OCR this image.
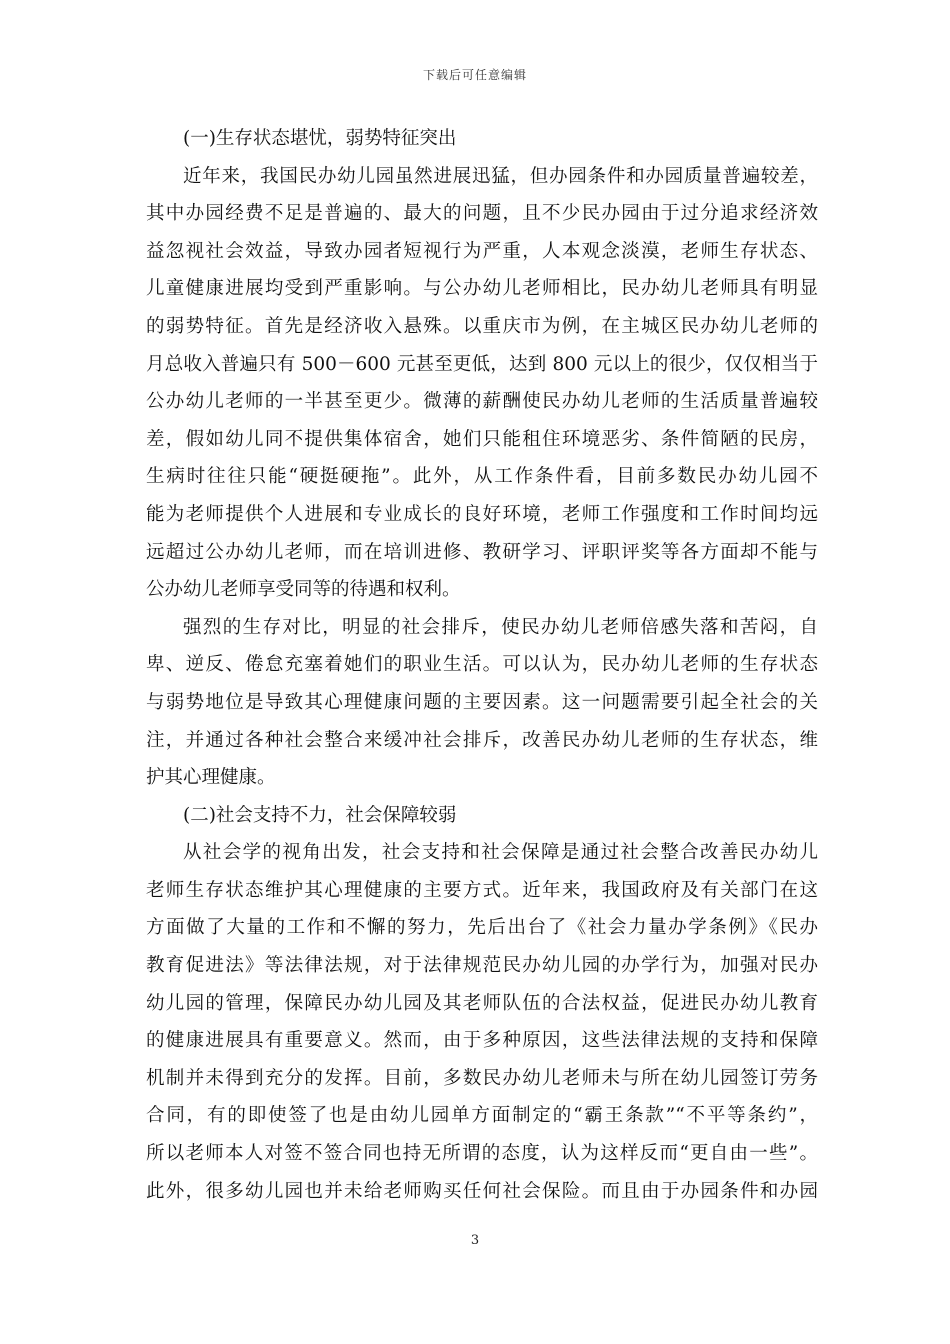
下载后可任意编辑
(一)生存状态堪忧，弱势特征突出
近年来，我国民办幼儿园虽然进展迅猛，但办园条件和办园质量普遍较差，
其中办园经费不足是普遍的、最大的问题，且不少民办园由于过分追求经济效
益忽视社会效益，导致办园者短视行为严重，人本观念淡漠，老师生存状态、
儿童健康进展均受到严重影响。与公办幼儿老师相比，民办幼儿老师具有明显
的弱势特征。首先是经济收入悬殊。以重庆市为例，在主城区民办幼儿老师的
月总收入普遍只有 500－600 元甚至更低，达到 800 元以上的很少，仅仅相当于
公办幼儿老师的一半甚至更少。微薄的薪酬使民办幼儿老师的生活质量普遍较
差，假如幼儿同不提供集体宿舍，她们只能租住环境恶劣、条件简陋的民房，
生病时往往只能“硬挺硬拖”。此外，从工作条件看，目前多数民办幼儿园不
能为老师提供个人进展和专业成长的良好环境，老师工作强度和工作时间均远
远超过公办幼儿老师，而在培训进修、教研学习、评职评奖等各方面却不能与
公办幼儿老师享受同等的待遇和权利。
强烈的生存对比，明显的社会排斥，使民办幼儿老师倍感失落和苦闷，自
卑、逆反、倦怠充塞着她们的职业生活。可以认为，民办幼儿老师的生存状态
与弱势地位是导致其心理健康问题的主要因素。这一问题需要引起全社会的关
注，并通过各种社会整合来缓冲社会排斥，改善民办幼儿老师的生存状态，维
护其心理健康。
(二)社会支持不力，社会保障较弱
从社会学的视角出发，社会支持和社会保障是通过社会整合改善民办幼儿
老师生存状态维护其心理健康的主要方式。近年来，我国政府及有关部门在这
方面做了大量的工作和不懈的努力，先后出台了《社会力量办学条例》《民办
教育促进法》等法律法规，对于法律规范民办幼儿园的办学行为，加强对民办
幼儿园的管理，保障民办幼儿园及其老师队伍的合法权益，促进民办幼儿教育
的健康进展具有重要意义。然而，由于多种原因，这些法律法规的支持和保障
机制并未得到充分的发挥。目前，多数民办幼儿老师未与所在幼儿园签订劳务
合同，有的即使签了也是由幼儿园单方面制定的“霸王条款”“不平等条约”，
所以老师本人对签不签合同也持无所谓的态度，认为这样反而“更自由一些”。
此外，很多幼儿园也并未给老师购买任何社会保险。而且由于办园条件和办园
3
